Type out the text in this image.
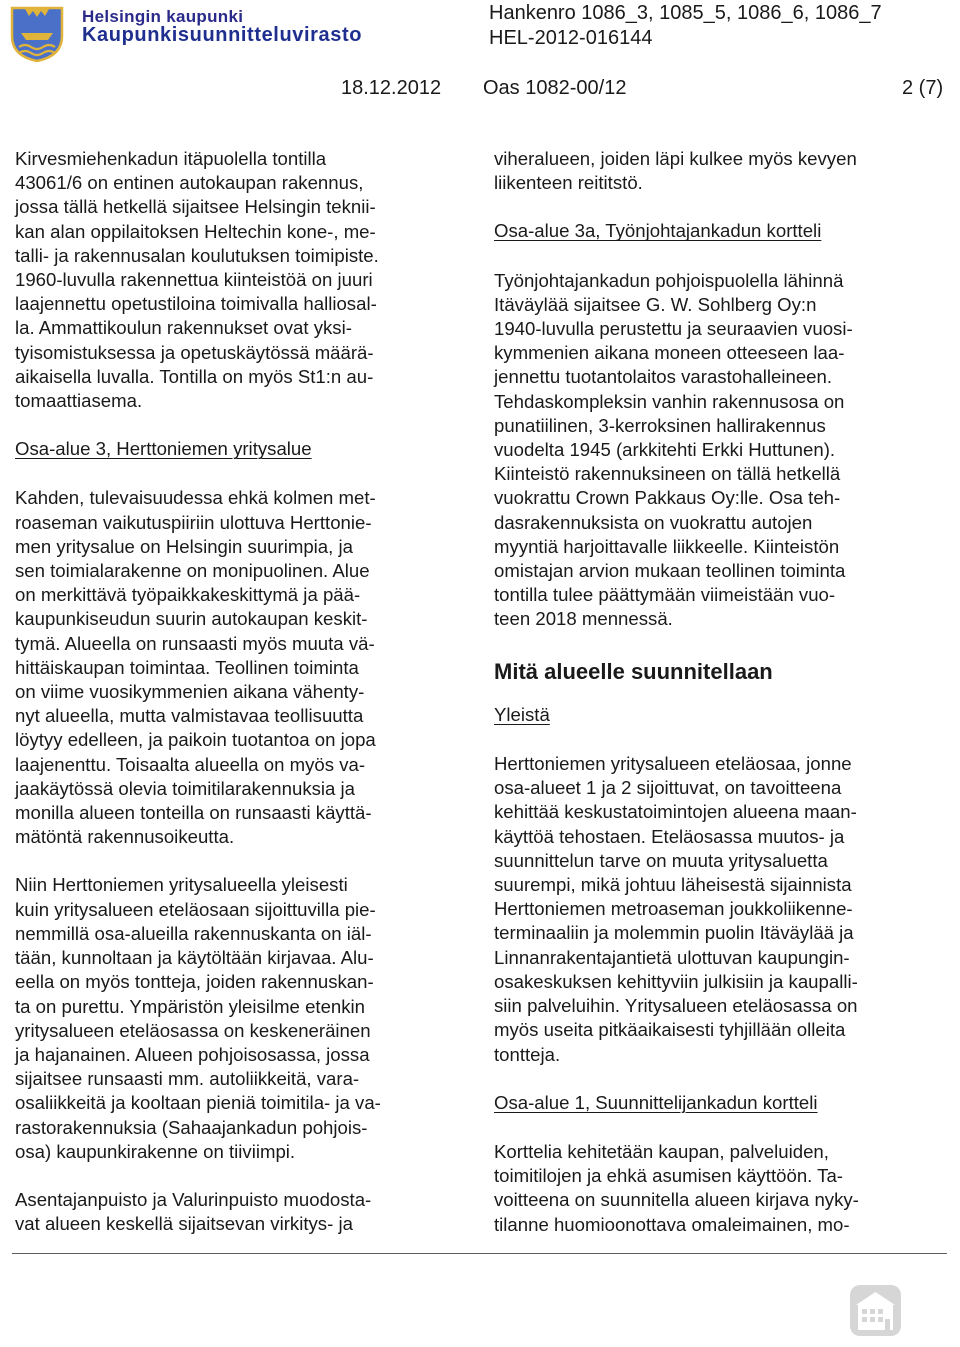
Helsingin kaupunki
Kaupunkisuunnitteluvirasto
Hankenro 1086_3, 1085_5, 1086_6, 1086_7
HEL-2012-016144
18.12.2012 Oas 1082-00/12	2 (7)

Kirvesmiehenkadun itäpuolella tontilla
43061/6 on entinen autokaupan rakennus,
jossa tällä hetkellä sijaitsee Helsingin teknii-
kan alan oppilaitoksen Heltechin kone-, me-
talli- ja rakennusalan koulutuksen toimipiste.
1960-luvulla rakennettua kiinteistöä on juuri
laajennettu opetustiloina toimivalla halliosal-
la. Ammattikoulun rakennukset ovat yksi-
tyisomistuksessa ja opetuskäytössä määrä-
aikaisella luvalla. Tontilla on myös St1:n au-
tomaattiasema.

Osa-alue 3, Herttoniemen yritysalue

Kahden, tulevaisuudessa ehkä kolmen met-
roaseman vaikutuspiiriin ulottuva Herttonie-
men yritysalue on Helsingin suurimpia, ja
sen toimialarakenne on monipuolinen. Alue
on merkittävä työpaikkakeskittymä ja pää-
kaupunkiseudun suurin autokaupan keskit-
tymä. Alueella on runsaasti myös muuta vä-
hittäiskaupan toimintaa. Teollinen toiminta
on viime vuosikymmenien aikana vähenty-
nyt alueella, mutta valmistavaa teollisuutta
löytyy edelleen, ja paikoin tuotantoa on jopa
laajenenttu. Toisaalta alueella on myös va-
jaakäytössä olevia toimitilarakennuksia ja
monilla alueen tonteilla on runsaasti käyttä-
mätöntä rakennusoikeutta.

Niin Herttoniemen yritysalueella yleisesti
kuin yritysalueen eteläosaan sijoittuvilla pie-
nemmillä osa-alueilla rakennuskanta on iäl-
tään, kunnoltaan ja käytöltään kirjavaa. Alu-
eella on myös tontteja, joiden rakennuskan-
ta on purettu. Ympäristön yleisilme etenkin
yritysalueen eteläosassa on keskeneräinen
ja hajanainen. Alueen pohjoisosassa, jossa
sijaitsee runsaasti mm. autoliikkeitä, vara-
osaliikkeitä ja kooltaan pieniä toimitila- ja va-
rastorakennuksia (Sahaajankadun pohjois-
osa) kaupunkirakenne on tiiviimpi.

Asentajanpuisto ja Valurinpuisto muodosta-
vat alueen keskellä sijaitsevan virkitys- ja

viheralueen, joiden läpi kulkee myös kevyen
liikenteen reititstö.

Osa-alue 3a, Työnjohtajankadun kortteli

Työnjohtajankadun pohjoispuolella lähinnä
Itäväylää sijaitsee G. W. Sohlberg Oy:n
1940-luvulla perustettu ja seuraavien vuosi-
kymmenien aikana moneen otteeseen laa-
jennettu tuotantolaitos varastohalleineen.
Tehdaskompleksin vanhin rakennusosa on
punatiilinen, 3-kerroksinen hallirakennus
vuodelta 1945 (arkkitehti Erkki Huttunen).
Kiinteistö rakennuksineen on tällä hetkellä
vuokrattu Crown Pakkaus Oy:lle. Osa teh-
dasrakennuksista on vuokrattu autojen
myyntiä harjoittavalle liikkeelle. Kiinteistön
omistajan arvion mukaan teollinen toiminta
tontilla tulee päättymään viimeistään vuo-
teen 2018 mennessä.

Mitä alueelle suunnitellaan

Yleistä

Herttoniemen yritysalueen eteläosaa, jonne
osa-alueet 1 ja 2 sijoittuvat, on tavoitteena
kehittää keskustatoimintojen alueena maan-
käyttöä tehostaen. Eteläosassa muutos- ja
suunnittelun tarve on muuta yritysaluetta
suurempi, mikä johtuu läheisestä sijainnista
Herttoniemen metroaseman joukkoliikenne-
terminaaliin ja molemmin puolin Itäväylää ja
Linnanrakentajantietä ulottuvan kaupungin-
osakeskuksen kehittyviin julkisiin ja kaupalli-
siin palveluihin. Yritysalueen eteläosassa on
myös useita pitkäaikaisesti tyhjillään olleita
tontteja.

Osa-alue 1, Suunnittelijankadun kortteli

Korttelia kehitetään kaupan, palveluiden,
toimitilojen ja ehkä asumisen käyttöön. Ta-
voitteena on suunnitella alueen kirjava nyky-
tilanne huomioonottava omaleimainen, mo-
